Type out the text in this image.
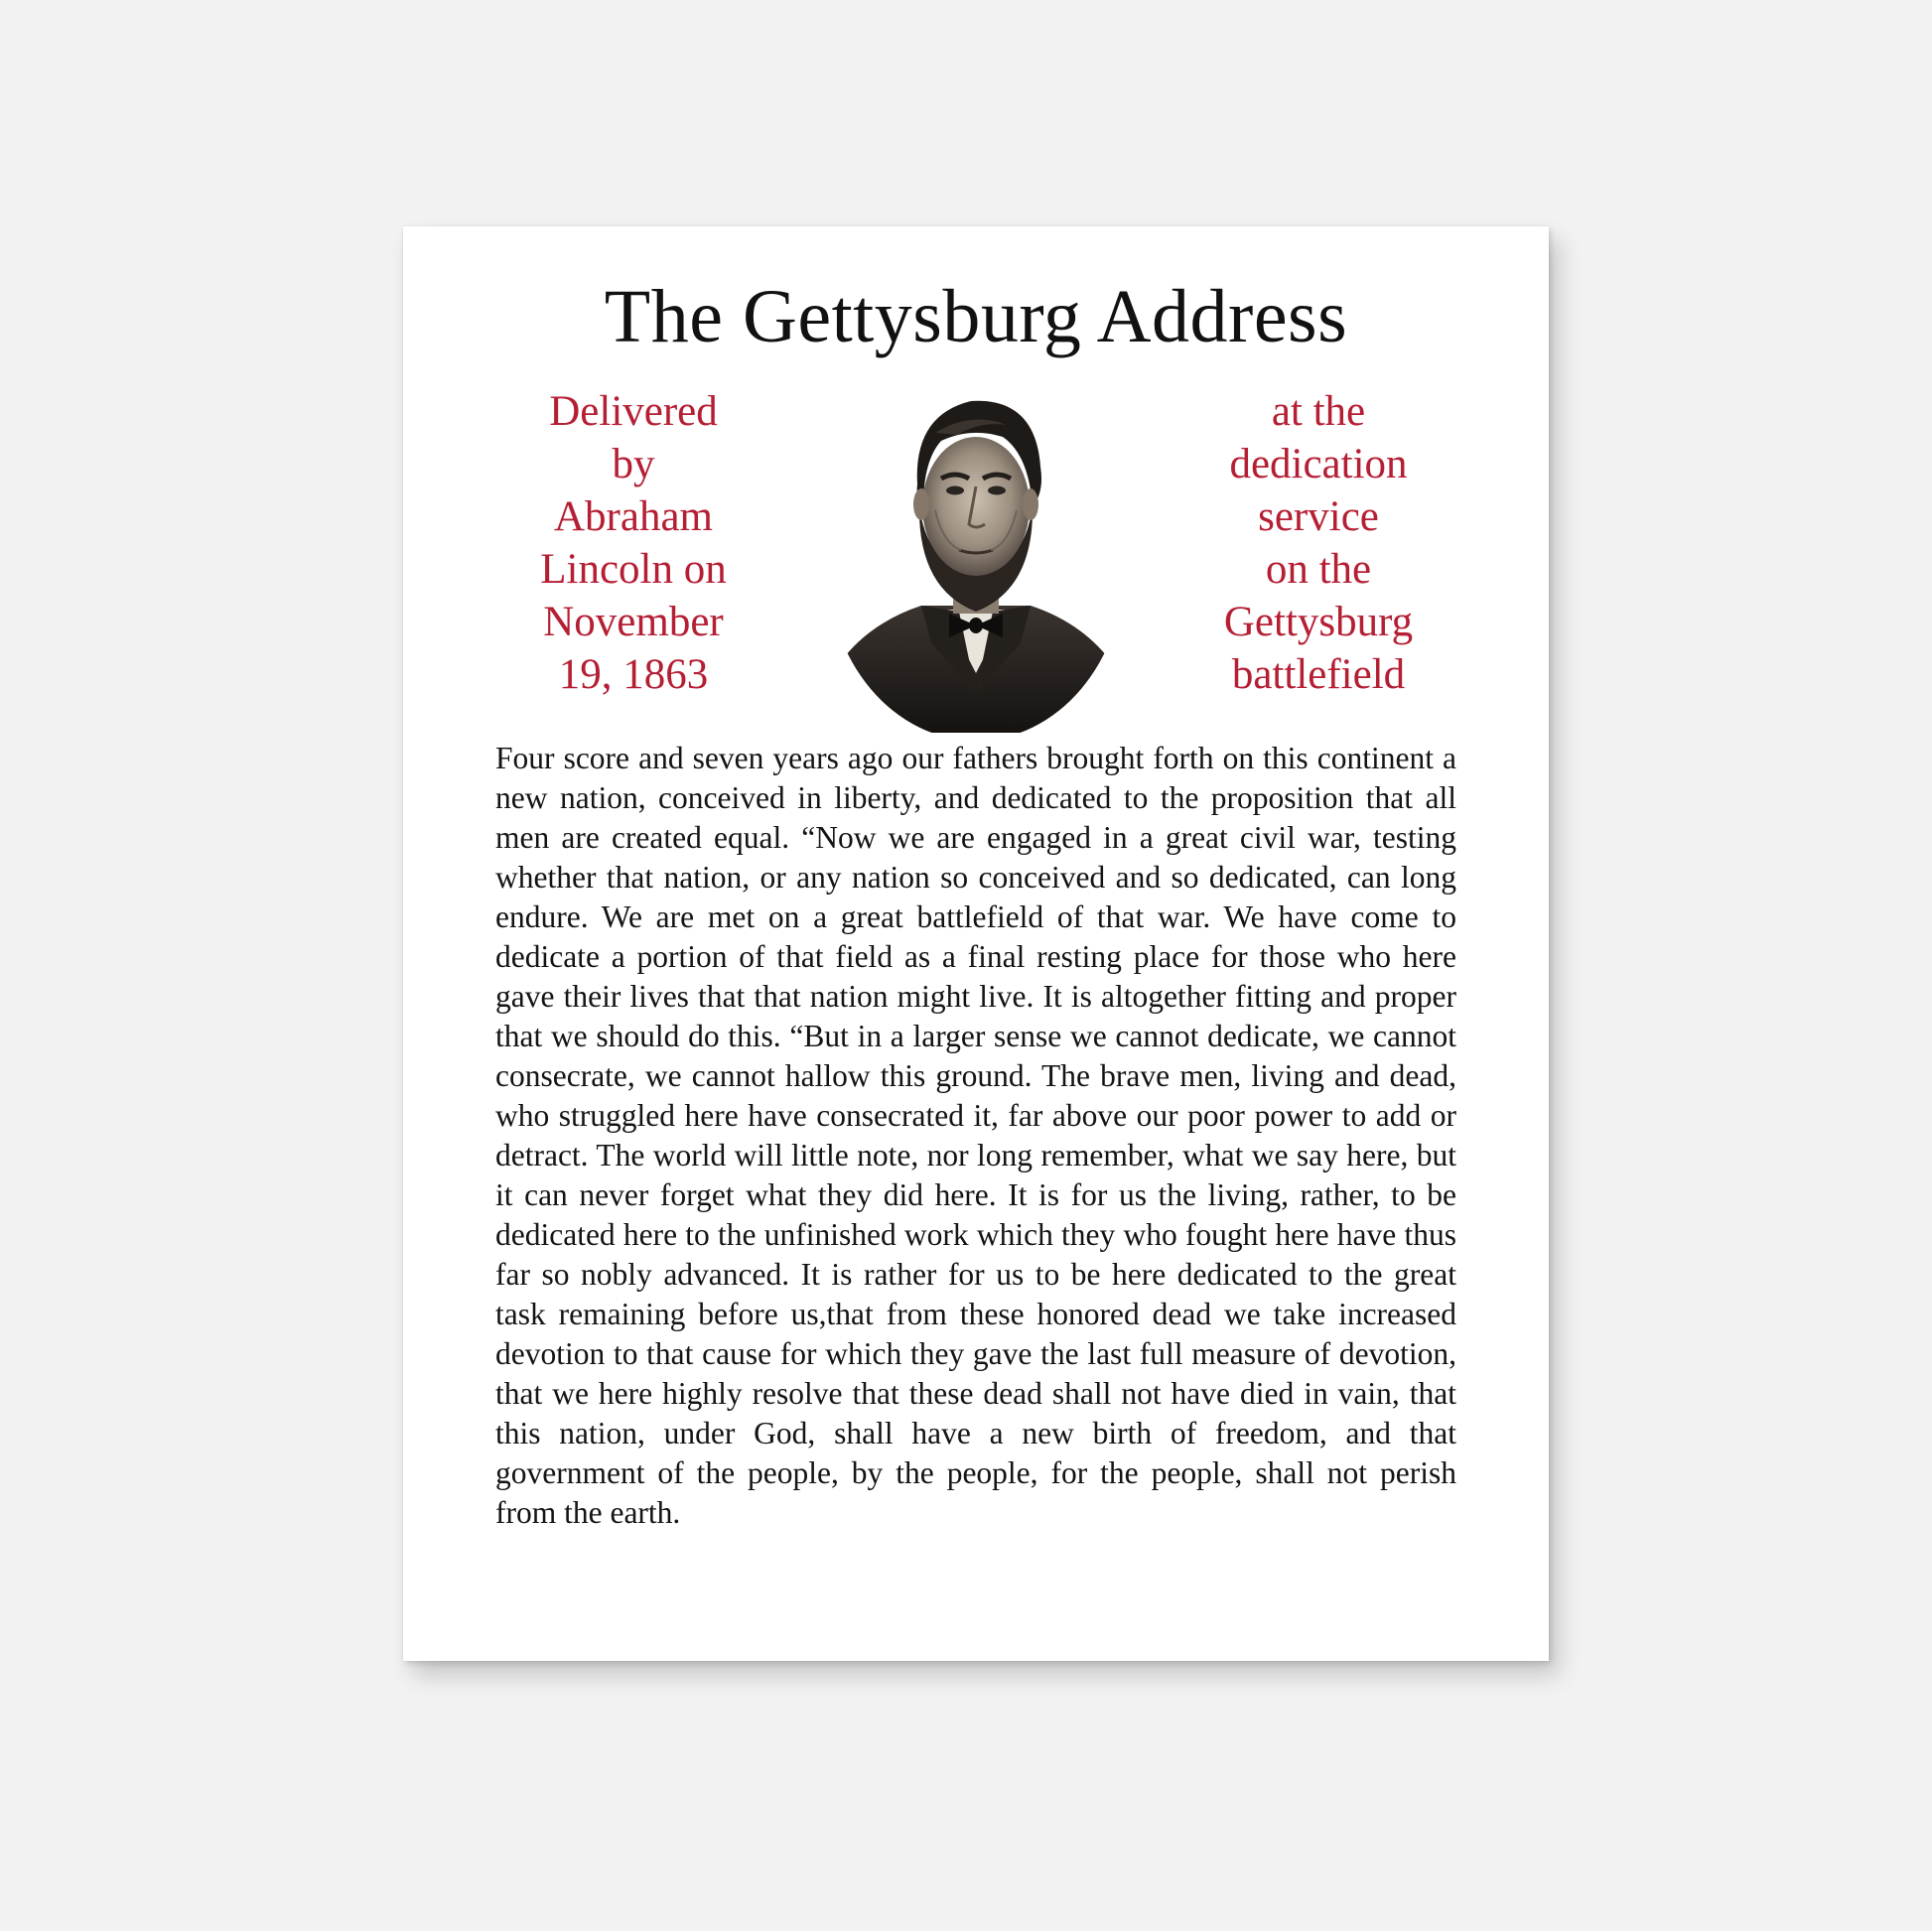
The Gettysburg Address

Delivered
by
Abraham
Lincoln on
November
19, 1863

at the
dedication
service
on the
Gettysburg
battlefield

Four score and seven years ago our fathers brought forth on this continent a new nation, conceived in liberty, and dedicated to the proposition that all men are created equal. “Now we are engaged in a great civil war, testing whether that nation, or any nation so conceived and so dedicated, can long endure. We are met on a great battlefield of that war. We have come to dedicate a portion of that field as a final resting place for those who here gave their lives that that nation might live. It is altogether fitting and proper that we should do this. “But in a larger sense we cannot dedicate, we cannot consecrate, we cannot hallow this ground. The brave men, living and dead, who struggled here have consecrated it, far above our poor power to add or detract. The world will little note, nor long remember, what we say here, but it can never forget what they did here. It is for us the living, rather, to be dedicated here to the unfinished work which they who fought here have thus far so nobly advanced. It is rather for us to be here dedicated to the great task remaining before us,that from these honored dead we take increased devotion to that cause for which they gave the last full measure of devotion, that we here highly resolve that these dead shall not have died in vain, that this nation, under God, shall have a new birth of freedom, and that government of the people, by the people, for the people, shall not perish from the earth.
